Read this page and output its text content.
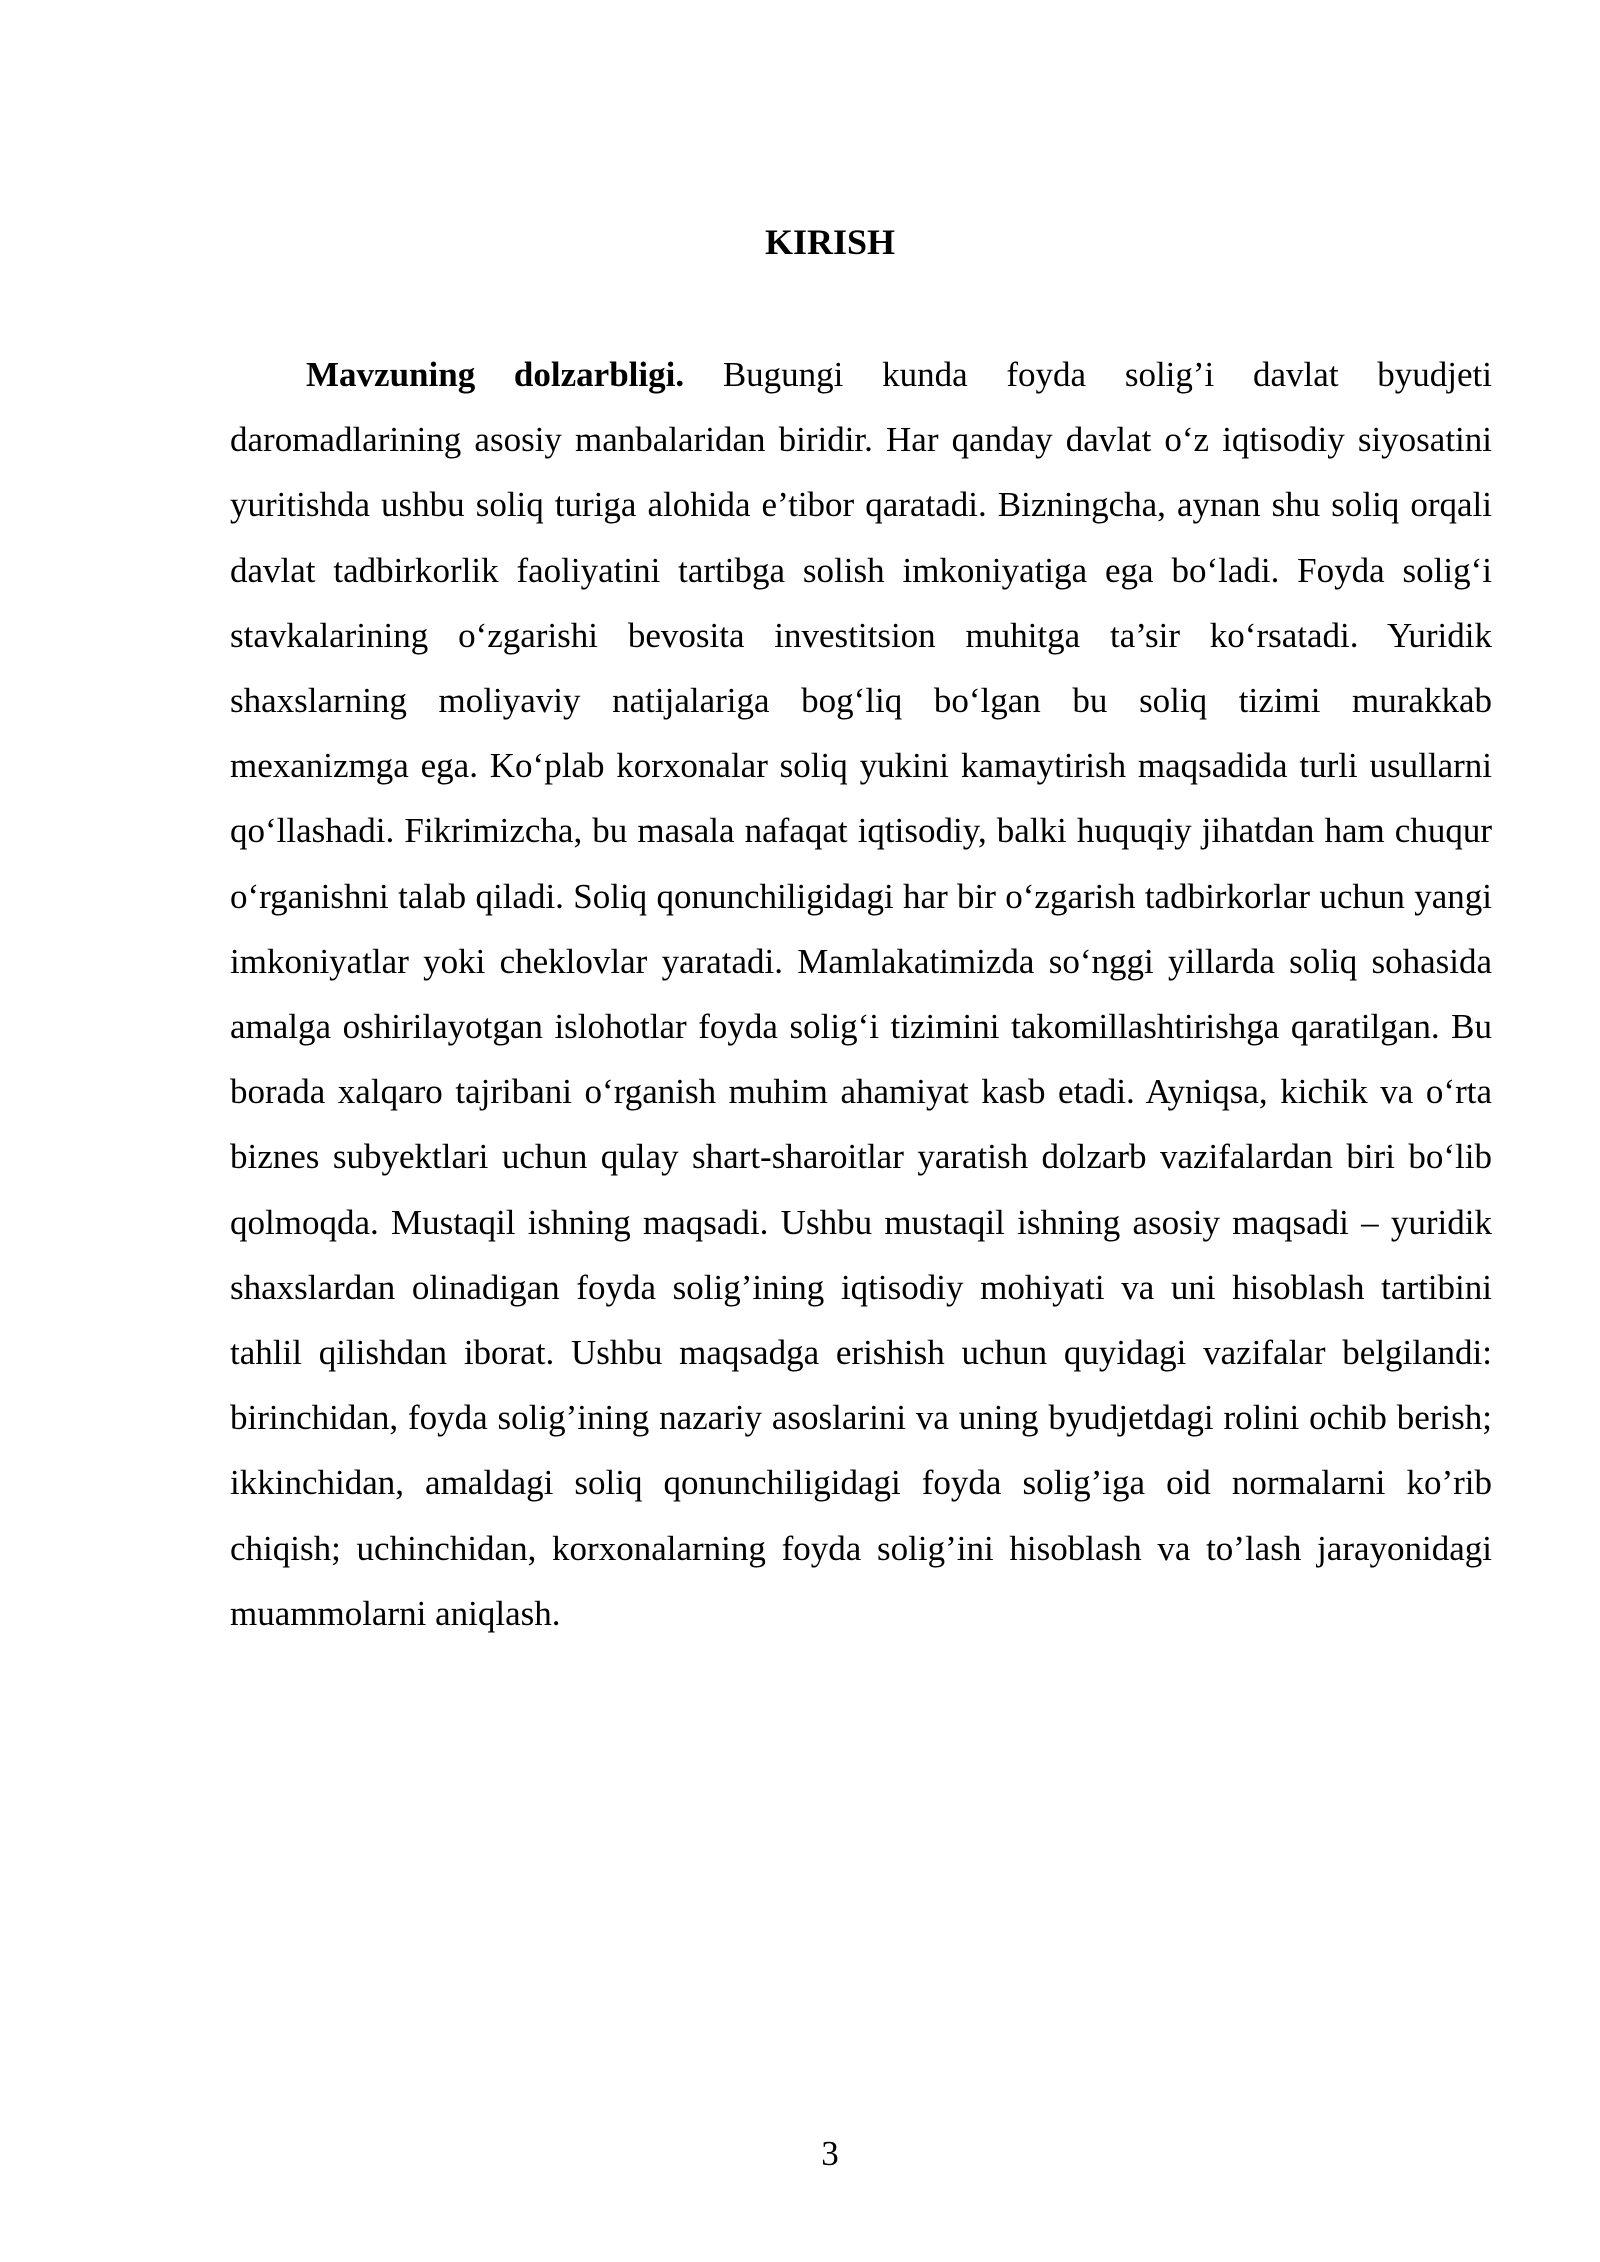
KIRISH

Mavzuning dolzarbligi. Bugungi kunda foyda solig’i davlat byudjeti daromadlarining asosiy manbalaridan biridir. Har qanday davlat o‘z iqtisodiy siyosatini yuritishda ushbu soliq turiga alohida e’tibor qaratadi. Bizningcha, aynan shu soliq orqali davlat tadbirkorlik faoliyatini tartibga solish imkoniyatiga ega bo‘ladi. Foyda solig‘i stavkalarining o‘zgarishi bevosita investitsion muhitga ta’sir ko‘rsatadi. Yuridik shaxslarning moliyaviy natijalariga bog‘liq bo‘lgan bu soliq tizimi murakkab mexanizmga ega. Ko‘plab korxonalar soliq yukini kamaytirish maqsadida turli usullarni qo‘llashadi. Fikrimizcha, bu masala nafaqat iqtisodiy, balki huquqiy jihatdan ham chuqur o‘rganishni talab qiladi. Soliq qonunchiligidagi har bir o‘zgarish tadbirkorlar uchun yangi imkoniyatlar yoki cheklovlar yaratadi. Mamlakatimizda so‘nggi yillarda soliq sohasida amalga oshirilayotgan islohotlar foyda solig‘i tizimini takomillashtirishga qaratilgan. Bu borada xalqaro tajribani o‘rganish muhim ahamiyat kasb etadi. Ayniqsa, kichik va o‘rta biznes subyektlari uchun qulay shart-sharoitlar yaratish dolzarb vazifalardan biri bo‘lib qolmoqda. Mustaqil ishning maqsadi. Ushbu mustaqil ishning asosiy maqsadi – yuridik shaxslardan olinadigan foyda solig’ining iqtisodiy mohiyati va uni hisoblash tartibini tahlil qilishdan iborat. Ushbu maqsadga erishish uchun quyidagi vazifalar belgilandi: birinchidan, foyda solig’ining nazariy asoslarini va uning byudjetdagi rolini ochib berish; ikkinchidan, amaldagi soliq qonunchiligidagi foyda solig’iga oid normalarni ko’rib chiqish; uchinchidan, korxonalarning foyda solig’ini hisoblash va to’lash jarayonidagi muammolarni aniqlash.

3
